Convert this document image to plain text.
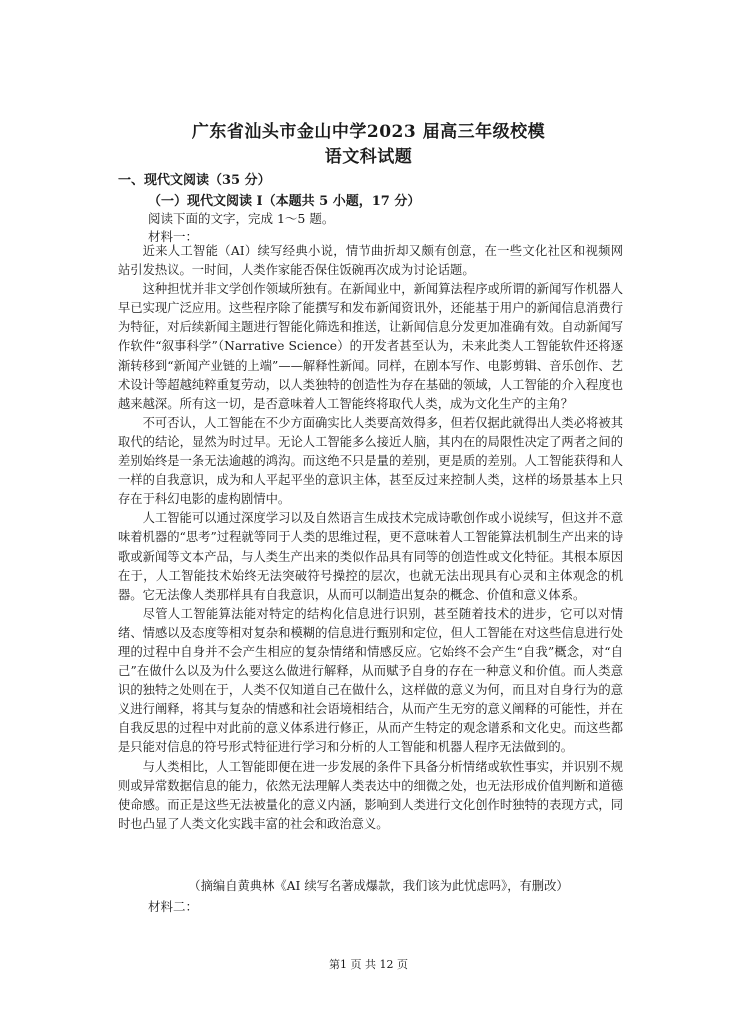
广东省汕头市金山中学2023 届高三年级校模
语文科试题
一、现代文阅读（35 分）
（一）现代文阅读 I（本题共 5 小题，17 分）
阅读下面的文字，完成 1～5 题。
材料一：

近来人工智能（AI）续写经典小说，情节曲折却又颇有创意，在一些文化社区和视频网站引发热议。一时间，人类作家能否保住饭碗再次成为讨论话题。

这种担忧并非文学创作领域所独有。在新闻业中，新闻算法程序或所谓的新闻写作机器人早已实现广泛应用。这些程序除了能撰写和发布新闻资讯外，还能基于用户的新闻信息消费行为特征，对后续新闻主题进行智能化筛选和推送，让新闻信息分发更加准确有效。自动新闻写作软件“叙事科学”（Narrative Science）的开发者甚至认为，未来此类人工智能软件还将逐渐转移到“新闻产业链的上端”——解释性新闻。同样，在剧本写作、电影剪辑、音乐创作、艺术设计等超越纯粹重复劳动，以人类独特的创造性为存在基础的领域，人工智能的介入程度也越来越深。所有这一切，是否意味着人工智能终将取代人类，成为文化生产的主角？

不可否认，人工智能在不少方面确实比人类要高效得多，但若仅据此就得出人类必将被其取代的结论，显然为时过早。无论人工智能多么接近人脑，其内在的局限性决定了两者之间的差别始终是一条无法逾越的鸿沟。而这绝不只是量的差别，更是质的差别。人工智能获得和人一样的自我意识，成为和人平起平坐的意识主体，甚至反过来控制人类，这样的场景基本上只存在于科幻电影的虚构剧情中。

人工智能可以通过深度学习以及自然语言生成技术完成诗歌创作或小说续写，但这并不意味着机器的“思考”过程就等同于人类的思维过程，更不意味着人工智能算法机制生产出来的诗歌或新闻等文本产品，与人类生产出来的类似作品具有同等的创造性或文化特征。其根本原因在于，人工智能技术始终无法突破符号操控的层次，也就无法出现具有心灵和主体观念的机器。它无法像人类那样具有自我意识，从而可以制造出复杂的概念、价值和意义体系。

尽管人工智能算法能对特定的结构化信息进行识别，甚至随着技术的进步，它可以对情绪、情感以及态度等相对复杂和模糊的信息进行甄别和定位，但人工智能在对这些信息进行处理的过程中自身并不会产生相应的复杂情绪和情感反应。它始终不会产生“自我”概念，对“自己”在做什么以及为什么要这么做进行解释，从而赋予自身的存在一种意义和价值。而人类意识的独特之处则在于，人类不仅知道自己在做什么，这样做的意义为何，而且对自身行为的意义进行阐释，将其与复杂的情感和社会语境相结合，从而产生无穷的意义阐释的可能性，并在自我反思的过程中对此前的意义体系进行修正，从而产生特定的观念谱系和文化史。而这些都是只能对信息的符号形式特征进行学习和分析的人工智能和机器人程序无法做到的。

与人类相比，人工智能即便在进一步发展的条件下具备分析情绪或软性事实，并识别不规则或异常数据信息的能力，依然无法理解人类表达中的细微之处，也无法形成价值判断和道德使命感。而正是这些无法被量化的意义内涵，影响到人类进行文化创作时独特的表现方式，同时也凸显了人类文化实践丰富的社会和政治意义。

（摘编自黄典林《AI 续写名著成爆款，我们该为此忧虑吗》，有删改）
材料二：
第1 页 共 12 页
